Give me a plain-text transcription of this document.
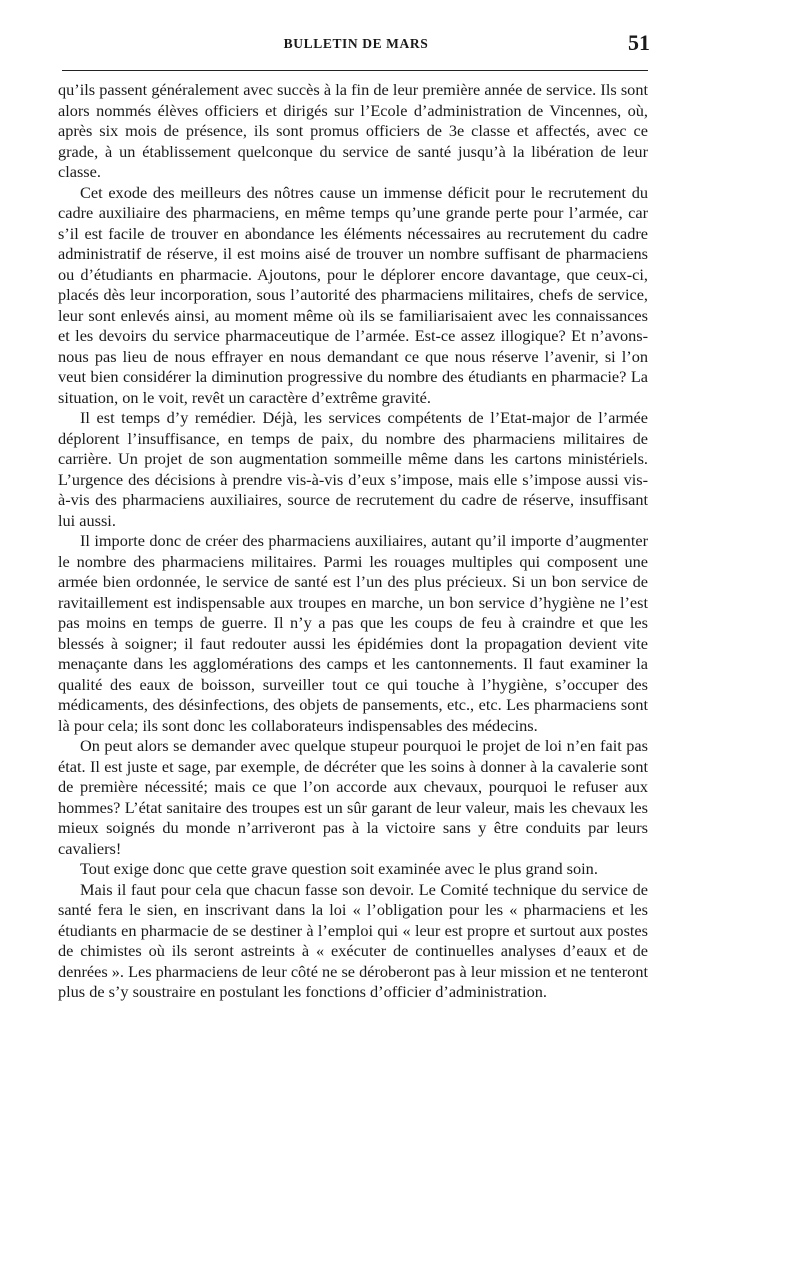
BULLETIN DE MARS	51

qu’ils passent généralement avec succès à la fin de leur première année de service. Ils sont alors nommés élèves officiers et dirigés sur l’Ecole d’administration de Vincennes, où, après six mois de présence, ils sont promus officiers de 3e classe et affectés, avec ce grade, à un établissement quelconque du service de santé jusqu’à la libération de leur classe.

Cet exode des meilleurs des nôtres cause un immense déficit pour le recrutement du cadre auxiliaire des pharmaciens, en même temps qu’une grande perte pour l’armée, car s’il est facile de trouver en abondance les éléments nécessaires au recrutement du cadre administratif de réserve, il est moins aisé de trouver un nombre suffisant de pharmaciens ou d’étudiants en pharmacie. Ajoutons, pour le déplorer encore davantage, que ceux-ci, placés dès leur incorporation, sous l’autorité des pharmaciens militaires, chefs de service, leur sont enlevés ainsi, au moment même où ils se familiarisaient avec les connaissances et les devoirs du service pharmaceutique de l’armée. Est-ce assez illogique? Et n’avons-nous pas lieu de nous effrayer en nous demandant ce que nous réserve l’avenir, si l’on veut bien considérer la diminution progressive du nombre des étudiants en pharmacie? La situation, on le voit, revêt un caractère d’extrême gravité.

Il est temps d’y remédier. Déjà, les services compétents de l’Etat-major de l’armée déplorent l’insuffisance, en temps de paix, du nombre des pharmaciens militaires de carrière. Un projet de son augmentation sommeille même dans les cartons ministériels. L’urgence des décisions à prendre vis-à-vis d’eux s’impose, mais elle s’impose aussi vis-à-vis des pharmaciens auxiliaires, source de recrutement du cadre de réserve, insuffisant lui aussi.

Il importe donc de créer des pharmaciens auxiliaires, autant qu’il importe d’augmenter le nombre des pharmaciens militaires. Parmi les rouages multiples qui composent une armée bien ordonnée, le service de santé est l’un des plus précieux. Si un bon service de ravitaillement est indispensable aux troupes en marche, un bon service d’hygiène ne l’est pas moins en temps de guerre. Il n’y a pas que les coups de feu à craindre et que les blessés à soigner; il faut redouter aussi les épidémies dont la propagation devient vite menaçante dans les agglomérations des camps et les cantonnements. Il faut examiner la qualité des eaux de boisson, surveiller tout ce qui touche à l’hygiène, s’occuper des médicaments, des désinfections, des objets de pansements, etc., etc. Les pharmaciens sont là pour cela; ils sont donc les collaborateurs indispensables des médecins.

On peut alors se demander avec quelque stupeur pourquoi le projet de loi n’en fait pas état. Il est juste et sage, par exemple, de décréter que les soins à donner à la cavalerie sont de première nécessité; mais ce que l’on accorde aux chevaux, pourquoi le refuser aux hommes? L’état sanitaire des troupes est un sûr garant de leur valeur, mais les chevaux les mieux soignés du monde n’arriveront pas à la victoire sans y être conduits par leurs cavaliers!

Tout exige donc que cette grave question soit examinée avec le plus grand soin.

Mais il faut pour cela que chacun fasse son devoir. Le Comité technique du service de santé fera le sien, en inscrivant dans la loi « l’obligation pour les « pharmaciens et les étudiants en pharmacie de se destiner à l’emploi qui « leur est propre et surtout aux postes de chimistes où ils seront astreints à « exécuter de continuelles analyses d’eaux et de denrées ». Les pharmaciens de leur côté ne se déroberont pas à leur mission et ne tenteront plus de s’y soustraire en postulant les fonctions d’officier d’administration.
